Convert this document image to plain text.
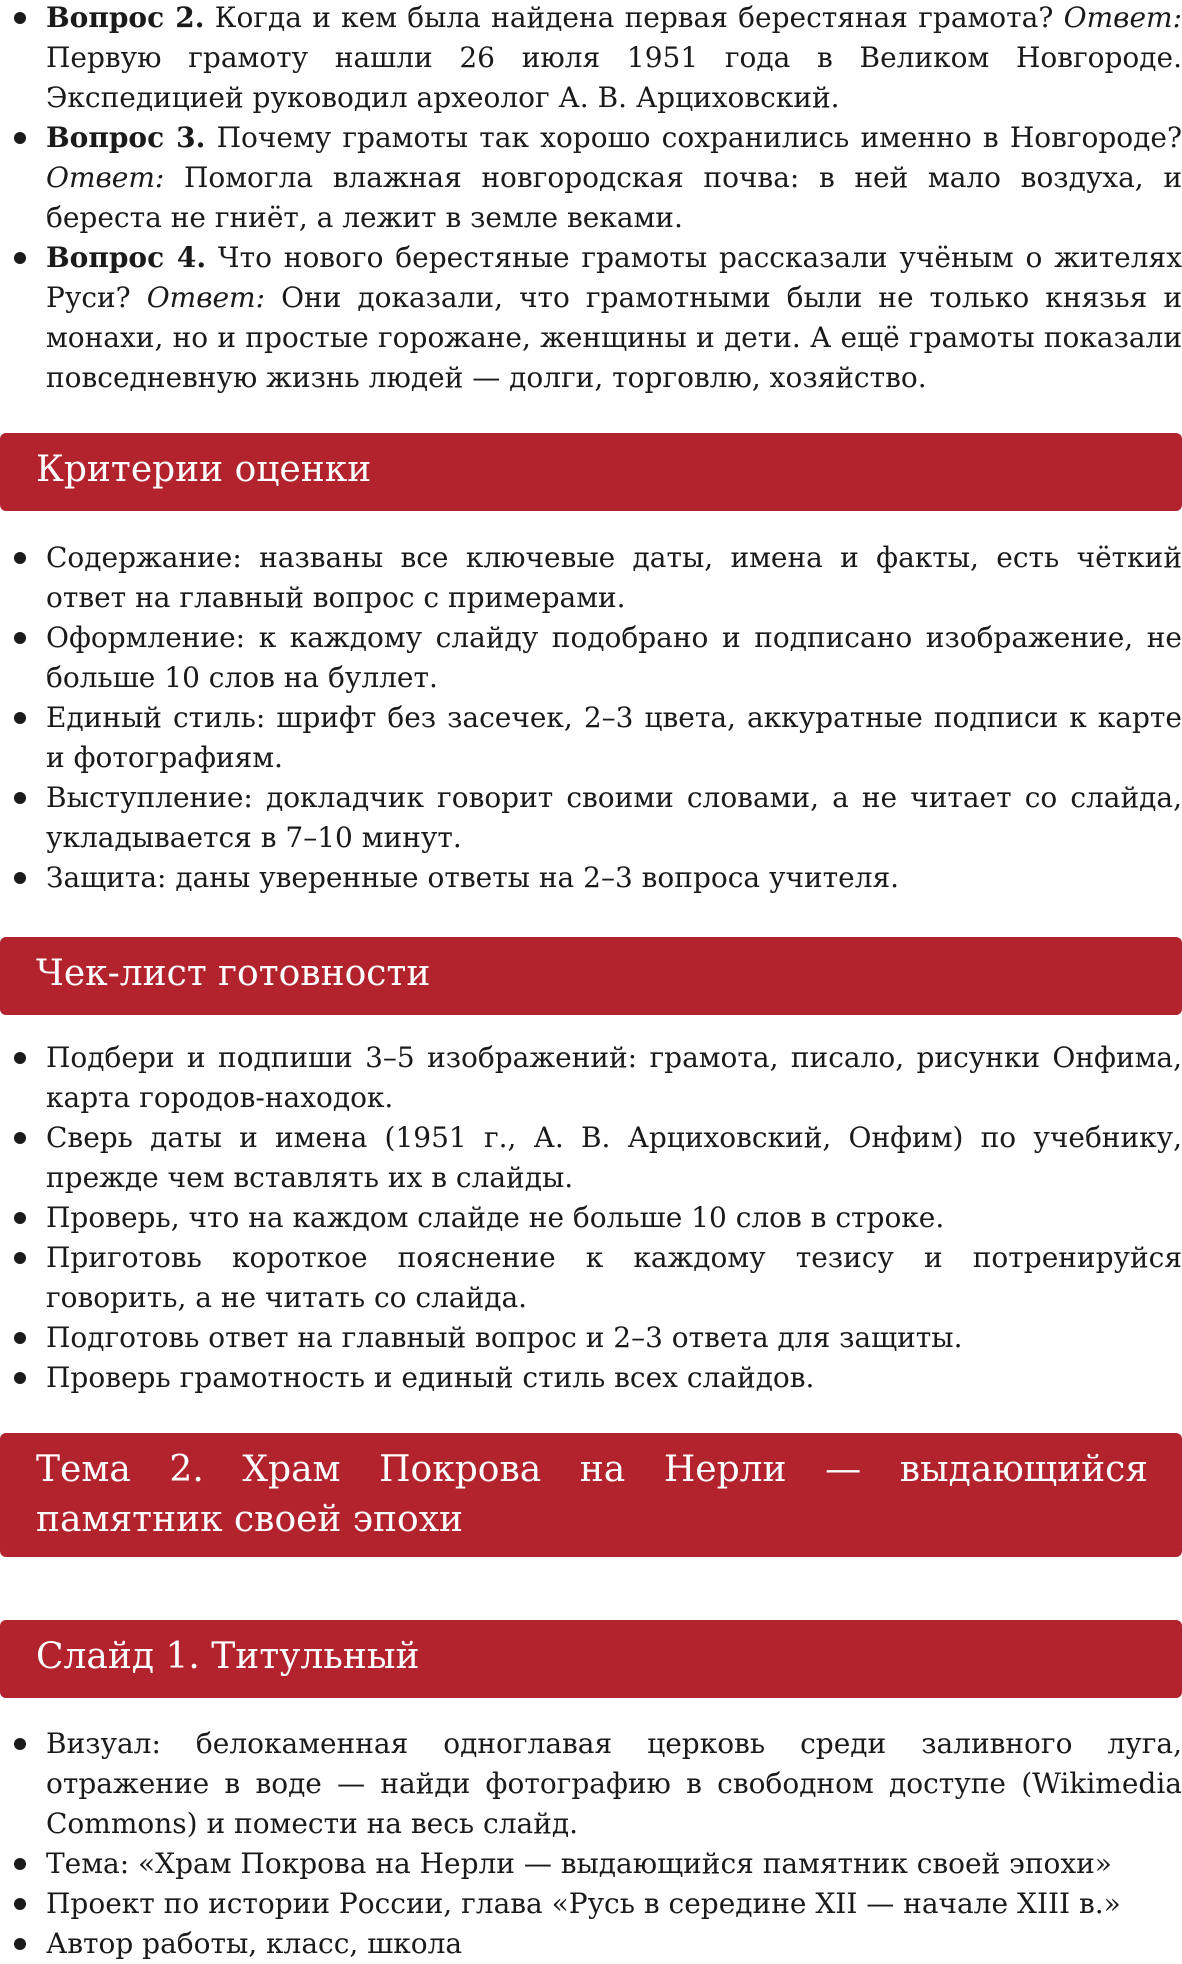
Вопрос 2. Когда и кем была найдена первая берестяная грамота? Ответ: Первую грамоту нашли 26 июля 1951 года в Великом Новгороде. Экспедицией руководил археолог А. В. Арциховский.
Вопрос 3. Почему грамоты так хорошо сохранились именно в Новгороде? Ответ: Помогла влажная новгородская почва: в ней мало воздуха, и береста не гниёт, а лежит в земле веками.
Вопрос 4. Что нового берестяные грамоты рассказали учёным о жителях Руси? Ответ: Они доказали, что грамотными были не только князья и монахи, но и простые горожане, женщины и дети. А ещё грамоты показали повседневную жизнь людей — долги, торговлю, хозяйство.
Критерии оценки
Содержание: названы все ключевые даты, имена и факты, есть чёткий ответ на главный вопрос с примерами.
Оформление: к каждому слайду подобрано и подписано изображение, не больше 10 слов на буллет.
Единый стиль: шрифт без засечек, 2–3 цвета, аккуратные подписи к карте и фотографиям.
Выступление: докладчик говорит своими словами, а не читает со слайда, укладывается в 7–10 минут.
Защита: даны уверенные ответы на 2–3 вопроса учителя.
Чек-лист готовности
Подбери и подпиши 3–5 изображений: грамота, писало, рисунки Онфима, карта городов-находок.
Сверь даты и имена (1951 г., А. В. Арциховский, Онфим) по учебнику, прежде чем вставлять их в слайды.
Проверь, что на каждом слайде не больше 10 слов в строке.
Приготовь короткое пояснение к каждому тезису и потренируйся говорить, а не читать со слайда.
Подготовь ответ на главный вопрос и 2–3 ответа для защиты.
Проверь грамотность и единый стиль всех слайдов.
Тема 2. Храм Покрова на Нерли — выдающийся памятник своей эпохи
Слайд 1. Титульный
Визуал: белокаменная одноглавая церковь среди заливного луга, отражение в воде — найди фотографию в свободном доступе (Wikimedia Commons) и помести на весь слайд.
Тема: «Храм Покрова на Нерли — выдающийся памятник своей эпохи»
Проект по истории России, глава «Русь в середине XII — начале XIII в.»
Автор работы, класс, школа
